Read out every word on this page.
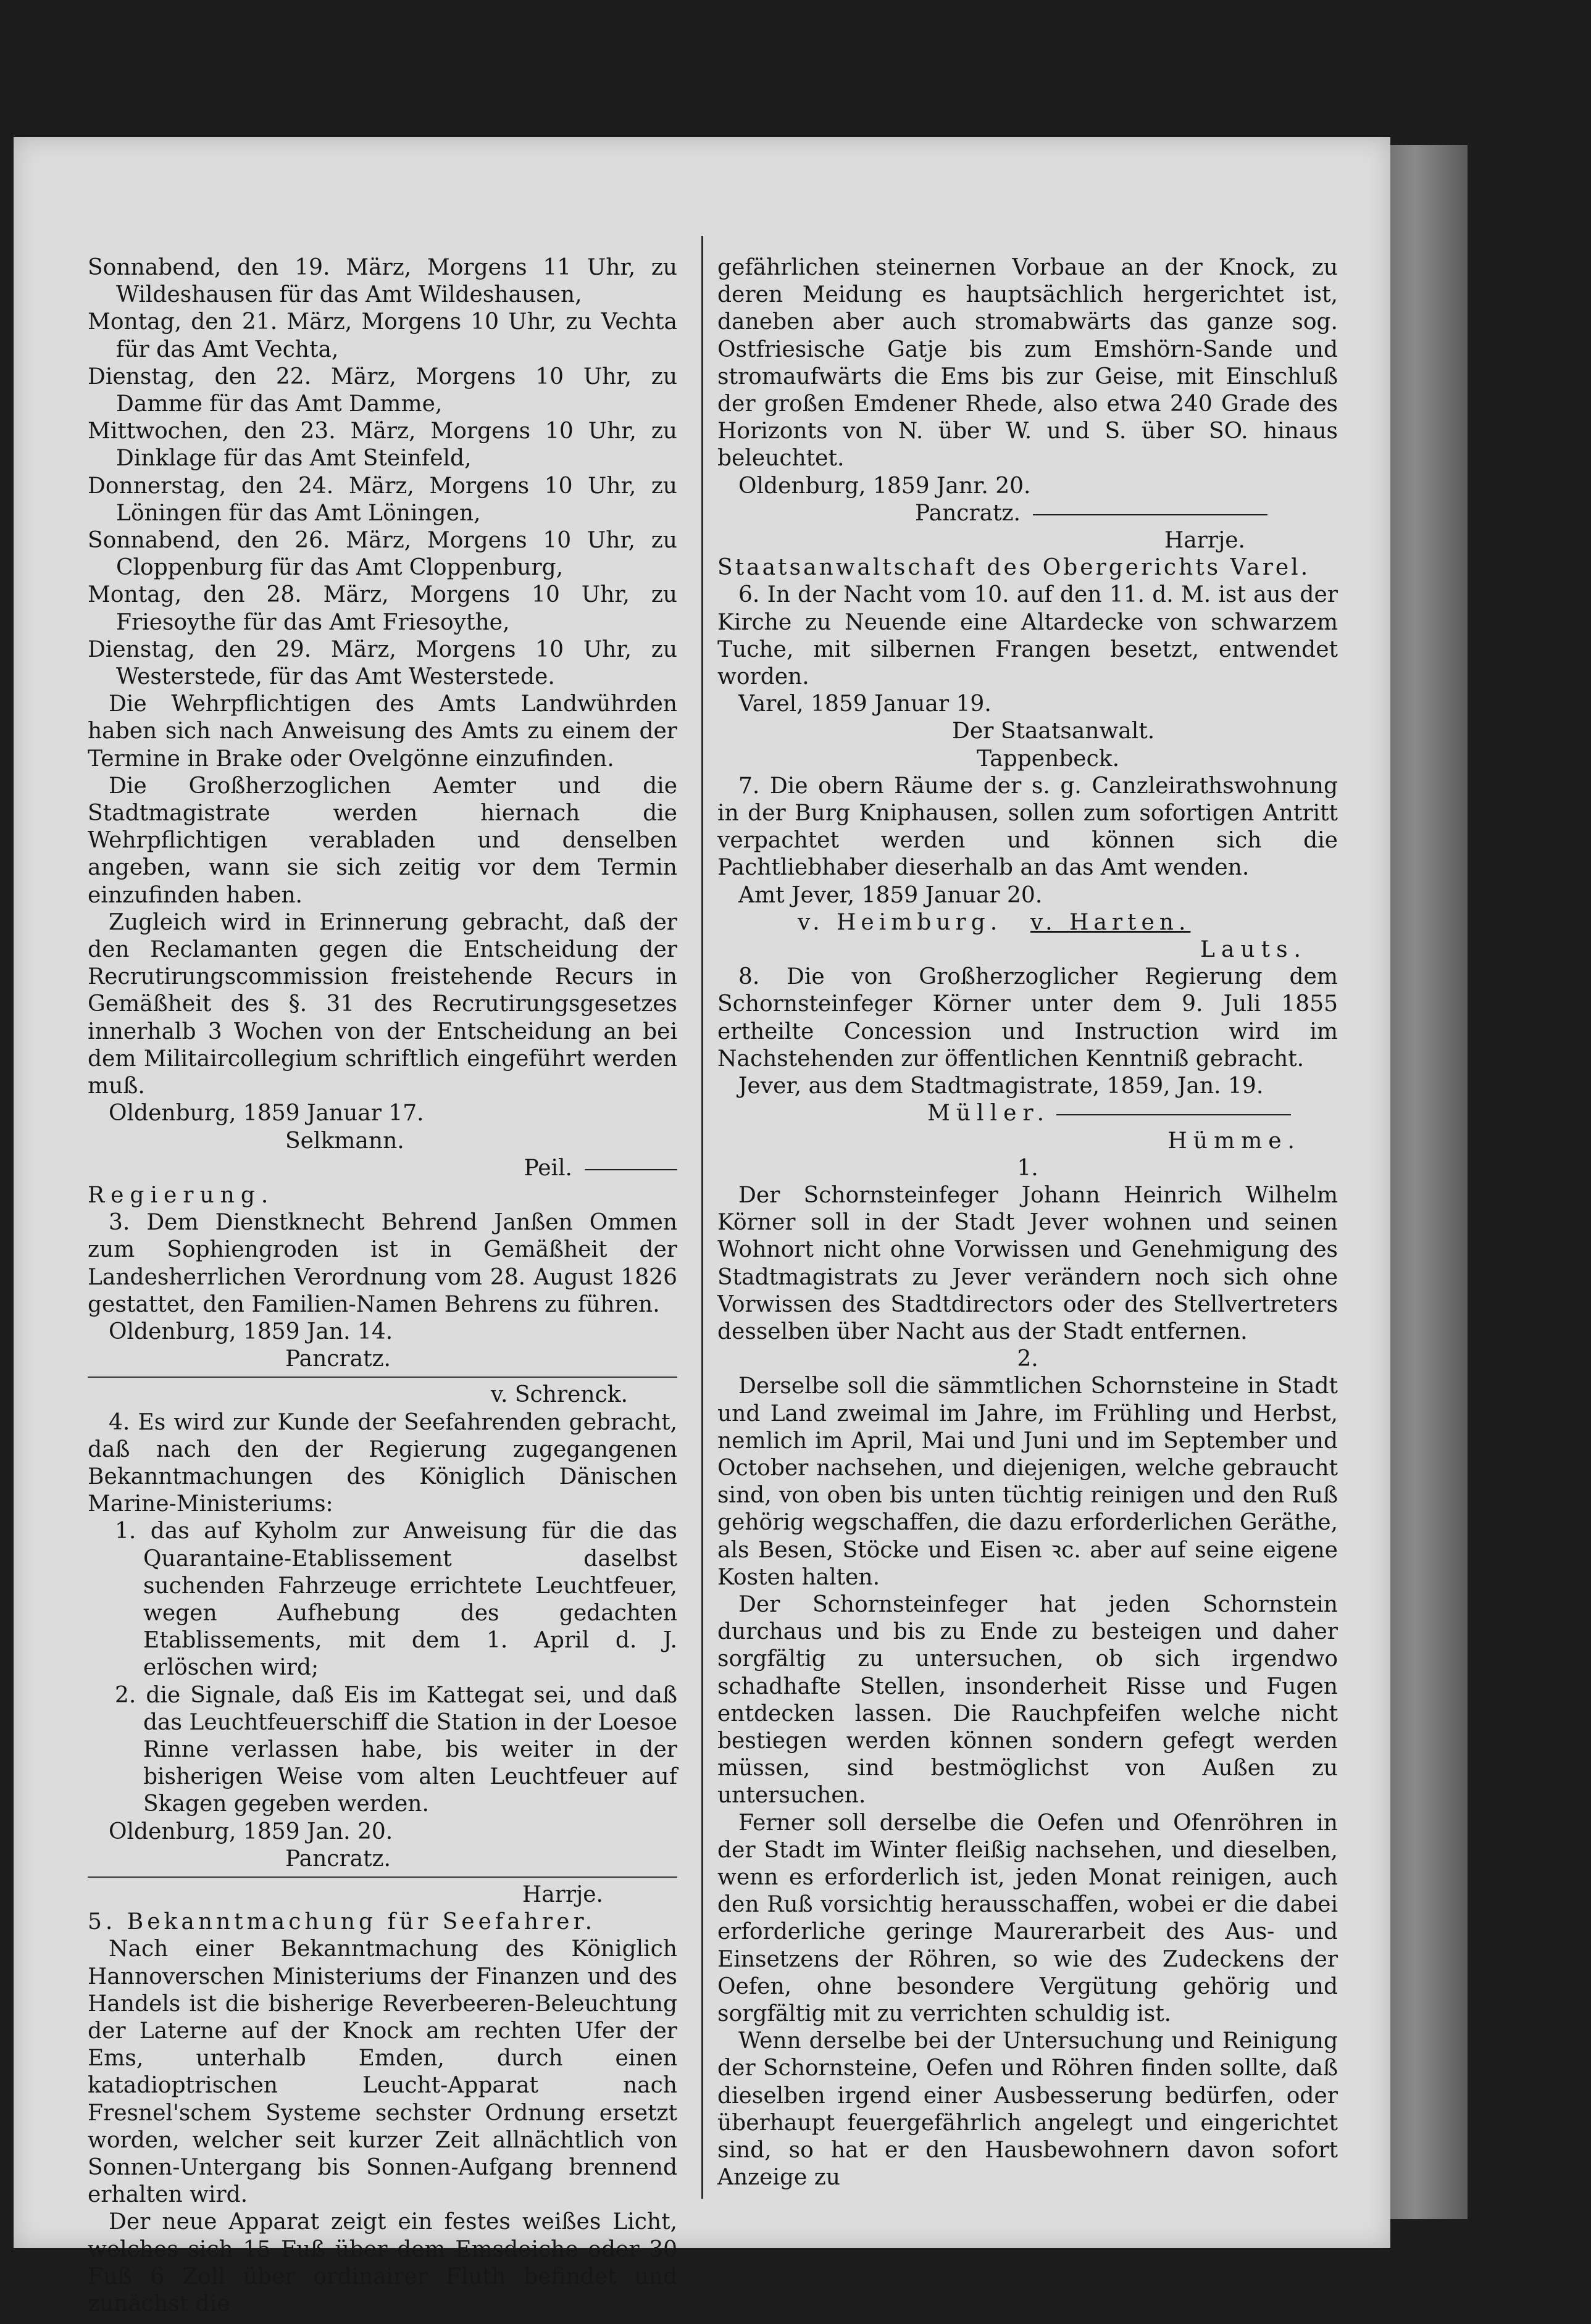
Sonnabend, den 19. März, Morgens 11 Uhr, zu Wildeshausen für das Amt Wildeshausen,

Montag, den 21. März, Morgens 10 Uhr, zu Vechta für das Amt Vechta,

Dienstag, den 22. März, Morgens 10 Uhr, zu Damme für das Amt Damme,

Mittwochen, den 23. März, Morgens 10 Uhr, zu Dinklage für das Amt Steinfeld,

Donnerstag, den 24. März, Morgens 10 Uhr, zu Löningen für das Amt Löningen,

Sonnabend, den 26. März, Morgens 10 Uhr, zu Cloppenburg für das Amt Cloppenburg,

Montag, den 28. März, Morgens 10 Uhr, zu Friesoythe für das Amt Friesoythe,

Dienstag, den 29. März, Morgens 10 Uhr, zu Westerstede, für das Amt Westerstede.

Die Wehrpflichtigen des Amts Landwührden haben sich nach Anweisung des Amts zu einem der Termine in Brake oder Ovelgönne einzufinden.

Die Großherzoglichen Aemter und die Stadtmagistrate werden hiernach die Wehrpflichtigen verabladen und denselben angeben, wann sie sich zeitig vor dem Termin einzufinden haben.

Zugleich wird in Erinnerung gebracht, daß der den Reclamanten gegen die Entscheidung der Recrutirungscommission freistehende Recurs in Gemäßheit des §. 31 des Recrutirungsgesetzes innerhalb 3 Wochen von der Entscheidung an bei dem Militaircollegium schriftlich eingeführt werden muß.

Oldenburg, 1859 Januar 17.

Selkmann.

Peil.

Regierung.

3. Dem Dienstknecht Behrend Janßen Ommen zum Sophiengroden ist in Gemäßheit der Landesherrlichen Verordnung vom 28. August 1826 gestattet, den Familien-Namen Behrens zu führen.

Oldenburg, 1859 Jan. 14.

Pancratz.

v. Schrenck.

4. Es wird zur Kunde der Seefahrenden gebracht, daß nach den der Regierung zugegangenen Bekanntmachungen des Königlich Dänischen Marine-Ministeriums:

1. das auf Kyholm zur Anweisung für die das Quarantaine-Etablissement daselbst suchenden Fahrzeuge errichtete Leuchtfeuer, wegen Aufhebung des gedachten Etablissements, mit dem 1. April d. J. erlöschen wird;

2. die Signale, daß Eis im Kattegat sei, und daß das Leuchtfeuerschiff die Station in der Loesoe Rinne verlassen habe, bis weiter in der bisherigen Weise vom alten Leuchtfeuer auf Skagen gegeben werden.

Oldenburg, 1859 Jan. 20.

Pancratz.

Harrje.

5. Bekanntmachung für Seefahrer.

Nach einer Bekanntmachung des Königlich Hannoverschen Ministeriums der Finanzen und des Handels ist die bisherige Reverbeeren-Beleuchtung der Laterne auf der Knock am rechten Ufer der Ems, unterhalb Emden, durch einen katadioptrischen Leucht-Apparat nach Fresnel'schem Systeme sechster Ordnung ersetzt worden, welcher seit kurzer Zeit allnächtlich von Sonnen-Untergang bis Sonnen-Aufgang brennend erhalten wird.

Der neue Apparat zeigt ein festes weißes Licht, welches sich 15 Fuß über dem Emsdeiche oder 30 Fuß 6 Zoll über ordinairer Fluth befindet und zunächst die

gefährlichen steinernen Vorbaue an der Knock, zu deren Meidung es hauptsächlich hergerichtet ist, daneben aber auch stromabwärts das ganze sog. Ostfriesische Gatje bis zum Emshörn-Sande und stromaufwärts die Ems bis zur Geise, mit Einschluß der großen Emdener Rhede, also etwa 240 Grade des Horizonts von N. über W. und S. über SO. hinaus beleuchtet.

Oldenburg, 1859 Janr. 20.

Pancratz.

Harrje.

Staatsanwaltschaft des Obergerichts Varel.

6. In der Nacht vom 10. auf den 11. d. M. ist aus der Kirche zu Neuende eine Altardecke von schwarzem Tuche, mit silbernen Frangen besetzt, entwendet worden.

Varel, 1859 Januar 19.

Der Staatsanwalt.

Tappenbeck.

7. Die obern Räume der s. g. Canzleirathswohnung in der Burg Kniphausen, sollen zum sofortigen Antritt verpachtet werden und können sich die Pachtliebhaber dieserhalb an das Amt wenden.

Amt Jever, 1859 Januar 20.

v. Heimburg. v. Harten.

Lauts.

8. Die von Großherzoglicher Regierung dem Schornsteinfeger Körner unter dem 9. Juli 1855 ertheilte Concession und Instruction wird im Nachstehenden zur öffentlichen Kenntniß gebracht.

Jever, aus dem Stadtmagistrate, 1859, Jan. 19.

Müller.

Hümme.

1.

Der Schornsteinfeger Johann Heinrich Wilhelm Körner soll in der Stadt Jever wohnen und seinen Wohnort nicht ohne Vorwissen und Genehmigung des Stadtmagistrats zu Jever verändern noch sich ohne Vorwissen des Stadtdirectors oder des Stellvertreters desselben über Nacht aus der Stadt entfernen.

2.

Derselbe soll die sämmtlichen Schornsteine in Stadt und Land zweimal im Jahre, im Frühling und Herbst, nemlich im April, Mai und Juni und im September und October nachsehen, und diejenigen, welche gebraucht sind, von oben bis unten tüchtig reinigen und den Ruß gehörig wegschaffen, die dazu erforderlichen Geräthe, als Besen, Stöcke und Eisen ꝛc. aber auf seine eigene Kosten halten.

Der Schornsteinfeger hat jeden Schornstein durchaus und bis zu Ende zu besteigen und daher sorgfältig zu untersuchen, ob sich irgendwo schadhafte Stellen, insonderheit Risse und Fugen entdecken lassen. Die Rauchpfeifen welche nicht bestiegen werden können sondern gefegt werden müssen, sind bestmöglichst von Außen zu untersuchen.

Ferner soll derselbe die Oefen und Ofenröhren in der Stadt im Winter fleißig nachsehen, und dieselben, wenn es erforderlich ist, jeden Monat reinigen, auch den Ruß vorsichtig herausschaffen, wobei er die dabei erforderliche geringe Maurerarbeit des Aus- und Einsetzens der Röhren, so wie des Zudeckens der Oefen, ohne besondere Vergütung gehörig und sorgfältig mit zu verrichten schuldig ist.

Wenn derselbe bei der Untersuchung und Reinigung der Schornsteine, Oefen und Röhren finden sollte, daß dieselben irgend einer Ausbesserung bedürfen, oder überhaupt feuergefährlich angelegt und eingerichtet sind, so hat er den Hausbewohnern davon sofort Anzeige zu
